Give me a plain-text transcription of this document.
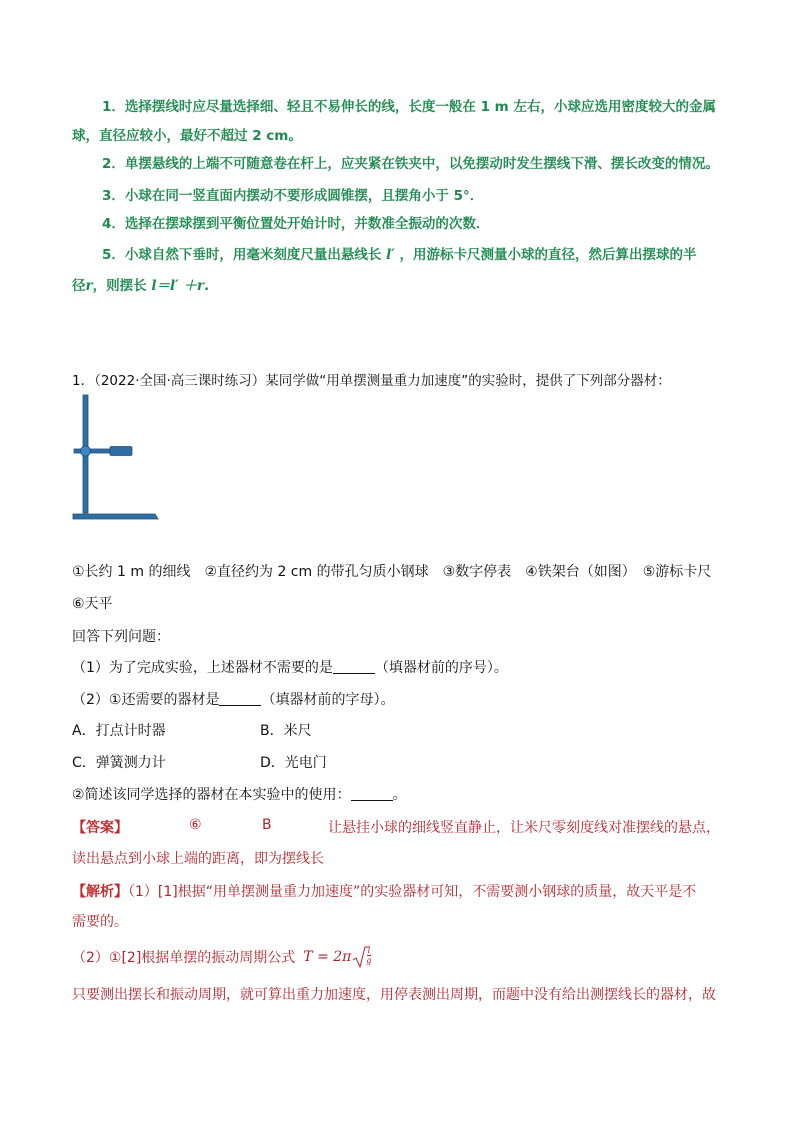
1．选择摆线时应尽量选择细、轻且不易伸长的线，长度一般在 1 m 左右，小球应选用密度较大的金属
球，直径应较小，最好不超过 2 cm。
2．单摆悬线的上端不可随意卷在杆上，应夹紧在铁夹中，以免摆动时发生摆线下滑、摆长改变的情况。
3．小球在同一竖直面内摆动不要形成圆锥摆，且摆角小于 5°．
4．选择在摆球摆到平衡位置处开始计时，并数准全振动的次数．
5．小球自然下垂时，用毫米刻度尺量出悬线长 l′ ，用游标卡尺测量小球的直径，然后算出摆球的半
径r，则摆长 l＝l′ ＋r.
1．（2022·全国·高三课时练习）某同学做“用单摆测量重力加速度”的实验时，提供了下列部分器材：
①长约 1 m 的细线　②直径约为 2 cm 的带孔匀质小钢球　③数字停表　④铁架台（如图）　⑤游标卡尺
⑥天平
回答下列问题：
（1）为了完成实验，上述器材不需要的是	（填器材前的序号）。
（2）①还需要的器材是	（填器材前的字母）。
A．打点计时器	B．米尺
C．弹簧测力计	D．光电门
②简述该同学选择的器材在本实验中的使用：	。
【答案】	⑥	B	让悬挂小球的细线竖直静止，让米尺零刻度线对准摆线的悬点，
读出悬点到小球上端的距离，即为摆线长
【解析】（1）[1]根据“用单摆测量重力加速度”的实验器材可知，不需要测小钢球的质量，故天平是不
需要的。
（2）①[2]根据单摆的振动周期公式 $T = 2\pi \frac{l}{g}$
只要测出摆长和振动周期，就可算出重力加速度，用停表测出周期，而题中没有给出测摆线长的器材，故
